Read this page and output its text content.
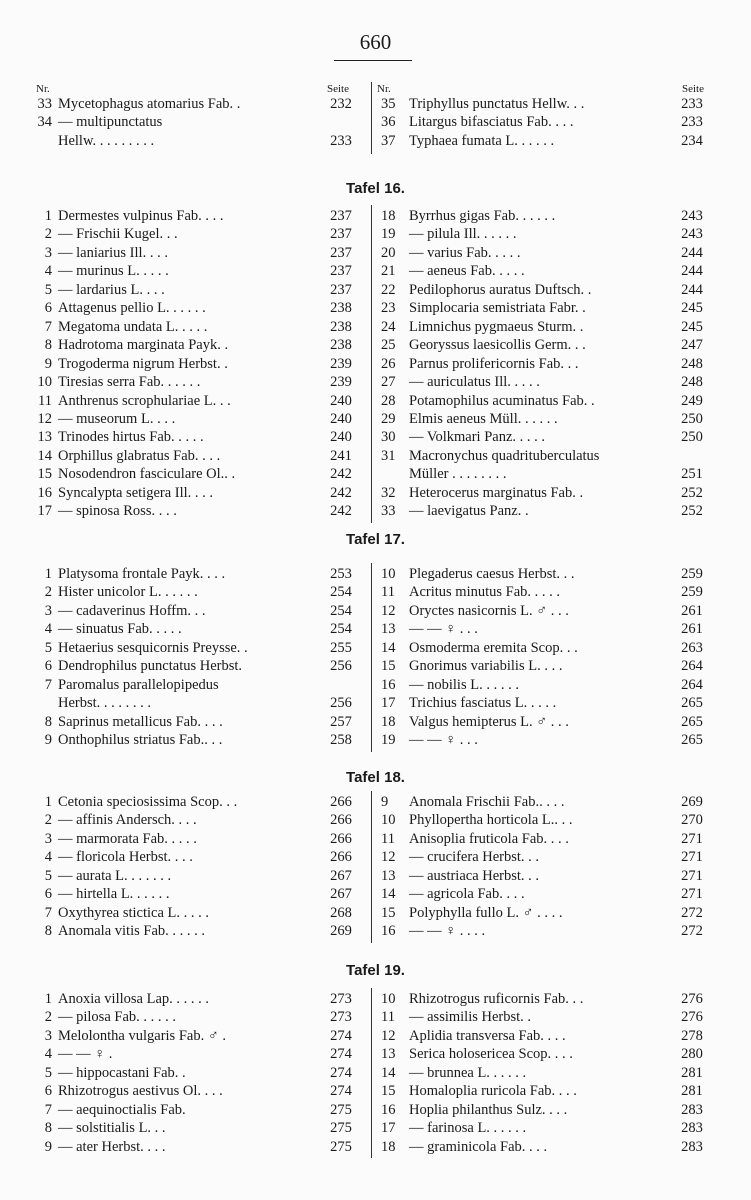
660
Nr.	Seite	Nr.	Seite
33 Mycetophagus atomarius Fab. .	232
34 — multipunctatus
Hellw. . . . . . . . .	233
35 Triphyllus punctatus Hellw. . .	233
36 Litargus bifasciatus Fab. . . .	233
37 Typhaea fumata L. . . . . .	234
Tafel 16.
1 Dermestes vulpinus Fab. . . .	237
2 — Frischii Kugel. . .	237
3 — laniarius Ill. . . .	237
4 — murinus L. . . . .	237
5 — lardarius L. . . .	237
6 Attagenus pellio L. . . . . .	238
7 Megatoma undata L. . . . .	238
8 Hadrotoma marginata Payk. .	238
9 Trogoderma nigrum Herbst. .	239
10 Tiresias serra Fab. . . . . .	239
11 Anthrenus scrophulariae L. . .	240
12 — museorum L. . . .	240
13 Trinodes hirtus Fab. . . . .	240
14 Orphillus glabratus Fab. . . .	241
15 Nosodendron fasciculare Ol.. .	242
16 Syncalypta setigera Ill. . . .	242
17 — spinosa Ross. . . .	242
18 Byrrhus gigas Fab. . . . . .	243
19 — pilula Ill. . . . . .	243
20 — varius Fab. . . . .	244
21 — aeneus Fab. . . . .	244
22 Pedilophorus auratus Duftsch. .	244
23 Simplocaria semistriata Fabr. .	245
24 Limnichus pygmaeus Sturm. .	245
25 Georyssus laesicollis Germ. . .	247
26 Parnus prolifericornis Fab. . .	248
27 — auriculatus Ill. . . . .	248
28 Potamophilus acuminatus Fab. .	249
29 Elmis aeneus Müll. . . . . .	250
30 — Volkmari Panz. . . . .	250
31 Macronychus quadrituberculatus
Müller . . . . . . . .	251
32 Heterocerus marginatus Fab. .	252
33 — laevigatus Panz. .	252
Tafel 17.
1 Platysoma frontale Payk. . . .	253
2 Hister unicolor L. . . . . .	254
3 — cadaverinus Hoffm. . .	254
4 — sinuatus Fab. . . . .	254
5 Hetaerius sesquicornis Preysse. .	255
6 Dendrophilus punctatus Herbst.	256
7 Paromalus parallelopipedus
Herbst. . . . . . . .	256
8 Saprinus metallicus Fab. . . .	257
9 Onthophilus striatus Fab.. . .	258
10 Plegaderus caesus Herbst. . .	259
11 Acritus minutus Fab. . . . .	259
12 Oryctes nasicornis L. ♂ . . .	261
13 — — ♀ . . .	261
14 Osmoderma eremita Scop. . .	263
15 Gnorimus variabilis L. . . .	264
16 — nobilis L. . . . . .	264
17 Trichius fasciatus L. . . . .	265
18 Valgus hemipterus L. ♂ . . .	265
19 — — ♀ . . .	265
Tafel 18.
1 Cetonia speciosissima Scop. . .	266
2 — affinis Andersch. . . .	266
3 — marmorata Fab. . . . .	266
4 — floricola Herbst. . . .	266
5 — aurata L. . . . . . .	267
6 — hirtella L. . . . . .	267
7 Oxythyrea stictica L. . . . .	268
8 Anomala vitis Fab. . . . . .	269
9 Anomala Frischii Fab.. . . .	269
10 Phyllopertha horticola L.. . .	270
11 Anisoplia fruticola Fab. . . .	271
12 — crucifera Herbst. . .	271
13 — austriaca Herbst. . .	271
14 — agricola Fab. . . .	271
15 Polyphylla fullo L. ♂ . . . .	272
16 — — ♀ . . . .	272
Tafel 19.
1 Anoxia villosa Lap. . . . . .	273
2 — pilosa Fab. . . . . .	273
3 Melolontha vulgaris Fab. ♂ .	274
4 — — ♀ .	274
5 — hippocastani Fab. .	274
6 Rhizotrogus aestivus Ol. . . .	274
7 — aequinoctialis Fab.	275
8 — solstitialis L. . .	275
9 — ater Herbst. . . .	275
10 Rhizotrogus ruficornis Fab. . .	276
11 — assimilis Herbst. .	276
12 Aplidia transversa Fab. . . .	278
13 Serica holosericea Scop. . . .	280
14 — brunnea L. . . . . .	281
15 Homaloplia ruricola Fab. . . .	281
16 Hoplia philanthus Sulz. . . .	283
17 — farinosa L. . . . . .	283
18 — graminicola Fab. . . .	283
